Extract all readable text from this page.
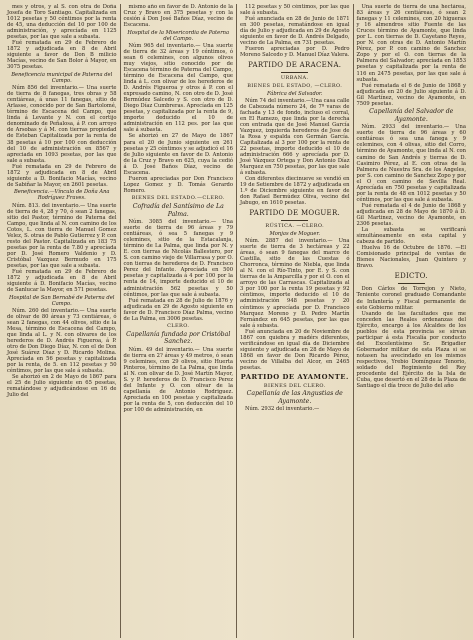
mes y otros, y al S. con otra de Doña Josefa de Toro Santiago. Capitalizada en 1012 pesetas y 50 céntimos por la renta de 45, una deducción del 10 por 100 de administración, y aprecíada en 1125 pesetas, por las que sale a subasta.

Fué rematada en 29 de Febrero de 1872 y adjudicada en 8 de Abril siguiente a favor de Don B milicio Macías, vecino de San Bolor á Mayor, en 3075 pesetas.

Beneficencia municipal de Paterna del Campo.

Núm 856 del inventario.— Una suerte de tierra de 8 fanegas, tres obras y 58 centiáreas, á unas 11 fanegas, sitio de Arlasse, conocido por de San Bartolomé, término de Escacena del Campo, que linda á Levante y N. con el cortijo denominado de Peñalosa, á P. con arroyo de Arsobas y á M. con tierras propiedad de Esteban Capitalizada por la renta de 38 pesetas á 10 por 100 con deducción del 10 de administración en 8567 y apreciada en 1093 pesetas, por las que sale a subasta.

Fué rematada en 29 de Febrero de 1872 y adjudicada en 8 de Abril siguiente a D. Bonifacio Macías, vecino de Sabiñar la Mayor, en 2601 pesetas.

Beneficencia.—Vínculo de Doña Ana Rodríguez Fraves.

Núm. 813. del inventario.— Una suerte de tierra de 4, 28 y 70, ó sean 2 fanegas, sitio del Pastor, término de Paterna del Campo, que linda al N. con camino de los Cotos, L. con tierra de Manuel Gomez Velez, S. otras de Pablo Gutierrez y P. con resto del Pastor. Capitalizada en 183 75 pesetas por la renta de 7.80 y aprecíada por D. José Romero Valdenio y D. Cristóbal Vazquez Bermudo en 175 pesetas, por las que sale a subasta.

Fué rematada en 29 de Febrero de 1872 y adjudicada en 8 de Abril siguiente á D. Bonifacio Macías, vecino de Sanlucar la Mayor, en 571 pesetas.

Hospital de San Bernabé de Paterna del Campo.

Núm. 260 del inventario.— Una suerte de olivar de 80 áreas y 73 centiáreas, ó sean 2 fanegas, con 44 olivos, sitio de la Mesa, término de Escacena del Campo, que linda al L. y N. con olivares de los herederos de D. Andrés Figueroa, á P. otro de Don Diego Díaz, N. con el de Don José Suárez Díaz y D. Ricardo Molina. Aprecíada en 56 pesetas y capitalizada por la renta, de 5. en 112 pesetas y 50 céntimos, por las que sale á subasta.

Se ahorizó en 2 de Mayo de 1867 para el 25 de Julio siguiente en 65 pesetas, rematándose y adjudicándose en 16 de Julio del

mismo año en favor de D. Antonio de la Cruz y Bravo en 375 pesetas y con la cesión á Don José Baños Díaz, vecino de Escacena.

Hospital de la Misericordia de Paterna del Campo.

Núm 965 del inventario.— Una suerte de tierra de 32 áreas y 19 céntimos, ó sean 6 celemines, con algunos olivos muy viejos, sitio conocido por de Escacena término de Paterna del Campo, término de Escacena del Campo, que linda á L. con olivar de los herederos de D. Andrés Figueroa y otros á P. con el expresado camino, N. con otro de D. José Bermúdez Salcedo y S. con otro de D. Diego Díaz Cumbreras. Aprecíada en 125 pesetas, y capitalizada por la renta de 9, importe deducido el 10 de administración en 112 pes. por las que sale á subasta.

Se ahorizó en 27 de Mayo de 1867 para el 20 de Junio siguiente en 261 pesetas y 25 céntimos y se adjudicó el 16 de Julio siguiente en favor de D. Antonio de la Cruz y Bravo en 625, cuya la cedió á D. José Baños Díaz, vecino de Escacena.

Fueron apreciadas por Don Francisco Lopez Gomez y D. Tomás Gerardo Romero.

BIENES DEL ESTADO.—CLERO.

Cofradía del Santísimo de La Palma.

Núm. 3085 del inventario.— Una suerte de tierra de 96 áreas y 79 centiáreas, ó sea 5 fanegas y 9 celemines, sitio de la Estacalanja, término de La Palma, que linda por N. y E. con tierras de Nicolás Ballestero, por S. con camino viejo de Villarrasa y por O. con tierras de herederos de D. Francisco Perez del Infante. Aprecíada en 500 pesetas y capitalizada á 4 por 100 por la renta de 14, importe deducido el 10 de administración 562 pesetas y 50 céntimos, por las que sale á subasta.

Fué rematada en 28 de Julio de 1876 y adjudicada en 29 de Agosto siguiente en favor de D. Francisco Díaz Palma, vecino de La Palma, en 3006 pesetas.

CLERO.

Capellanía fundada por Cristóbal Sanchez.

Núm. 49 del inventario.— Una suerte de tierra en 2? áreas y 49 metros, ó sean 9 celemines, con 29 olivos, sitio Huerta Pinteros, término de La Palma, que linda al N. con olivar de D. José Martín Mayor, S. y P. herederos de D. Francisco Perez del Infante y O. con olivar de la capellanía de Antonio Rodriguez. Apreciada en 100 pesetas y capitalizada por la renta de 5, con deducción del 10 por 100 de administración, en

112 pesetas y 50 céntimos, por las que sale á subasta.

Fué anunciada en 28 de Junio de 1871 en 300 pesetas, rematándose en igual día de Julio y adjudicada en 29 de Agosto siguiente en favor de D. Andrés Delgado, vecino de La Palma, en 731 pesetas.

Fueron apreciadas por D. Pedro Moreno Salcedo y D. Manuel Díaz Valera.

PARTIDO DE ARACENA.

URBANA.

BIENES DEL ESTADO, —CLERO.

Fábrica del Salvador.

Núm 74 del inventario.—Una casa calle de Cabezada número 24, de 7ª varas de fachada y 13 de fondo, incluso el corral, en El Ramezo, que linda por la derecha con entrada que de José Manuel García Vazquez, izquierda herederos de Jose de la Rosa y espalda con Germán García. Capitalizada al 3 por 100 por la renta de 22 pesetas, importe deducido el 10 de administración 666 y aprecíada por D. José Vázquez Ortega y Don Antonio Díaz Marquez en 750 pesetas, por las que sale á subasta.

Con diferentes diecinueve se vendió en 19 de Setiembre de 1872 y adjudicada en 1.º de Diciembre siguiente en favor de don Rafael Bermúdez Oliva, vecino del Jabugo, en 1610 pesetas.

PARTIDO DE MOGUER.

RÚSTICA. —CLERO.

Monjas de Moguer.

Núm. 2887 del inventario.— Una suerte de tierra de 3 hectáreas y 22 áreas, ó sean 9 fanegas del marco de Castilla, sitio de las Cuestas ó Chorronca, término de Niebla, que linda al N. con el Río-Tinto, por E. y S. con tierras de la Amparcilla y por el O. con el arroyo de las Carrascas. Capitalizada al 3 por 100 por la renta 19 pesetas y 92 céntimos, importe deducido el 10 de administración 948 pesetas y 20 céntimos y aprecíada por D. Francisco Marquez Moreno y D. Pedro Martín Fernández en 645 pesetas, por las que sale á subasta.

Fué anunciada en 20 de Noviembre de 1867 con quiebra y madérs diferentes, verificándose en igual día de Diciembre siguiente y adjudicada en 28 de Mayo de 1868 en favor de Don Ricardo Pérez, vecino de Villalba del Alcor, en 2465 pesetas.

PARTIDO DE AYAMONTE.

BIENES DEL CLERO.

Capellanía de las Angustias de Ayamonte.

Núm. 2932 del inventario.—

Una suerte de tierra de una hectárea, 83 áreas y 26 centiáreas, ó sean 2 fanegas y 11 celemines, con 20 higueras y 16 almendros sitio Fuente de las Cruces término de Ayamonte, que linda por L. con tierras de D. Cayetano Reyes, por N. con otras de D. Antonio Martín Pérez, por P. con camino de Sanchez Zopo y por el O. con tierras de la Palmera del Salvador; aprecíada en 1853 pesetas y capitalizada por la renta de 116 en 2475 pesetas, por las que sale á subasta.

Fué rematada el 6 de Junio de 1868 y adjudicada en 20 de Julio siguiente á D. Gil Martínez, vecino de Ayamonte, en 7509 pesetas.

Capellanía del Salvador de Ayamonte.

Núm. 2933 del inventario.— Una suerte de tierra de 96 áreas y 60 centiáreas ó sea una fanega y 9 celemines, con 4 olivas, sitio del Corro, término de Ayamonte, que linda al N. con camino de San Andrés y tierras de D. Casimiro Pérez, al E. con otras de la Palmera de Nuestra Sra. de los Angeles, por S. con camino de Sanchez Zopo y por el O con camino de Sevilla Real. Aprecíada en 750 pesetas y capitalizada por la renta de 48 en 1012 pesetas y 50 céntimos, por las que sale á subasta.

Fué rematada el 4 de Junio de 1868 y adjudicada en 28 de Mayo de 1870 á D. Gil Martinez, vecino de Ayamonte, en 2306 pesetas.

La subasta se verificará simultáneamente en esta capital y cabeza de partido.

Huelva 16 de Octubre de 1876. —El Comisionado principal de ventas de Bienes Nacionales, Juan Quintero y Bravo.

EDICTO.

Don Cárlos de Torrejon y Nieto, Teniente coronel graduado Comandante de Infantería y Fiscal permanente de este Gobierno militar.

Usando de las facultades que me conceden las Reales ordenanzas del Ejército, encargo á los Alcaldes de los pueblos de esta provincia se sirvan participar á esta Fiscalía por conducto del Excelentísimo Sr. Brigadier Gobernador militar de esta Plaza si se notasen ha avecindado en los mismos respectivos, Yrebio Domínguez Tenorio, soldado del Regimiento del Rey procedente del Ejército de la Isla de Cuba, que desertó en el 28 de la Plaza de Santiago el día trece de Julio del año
